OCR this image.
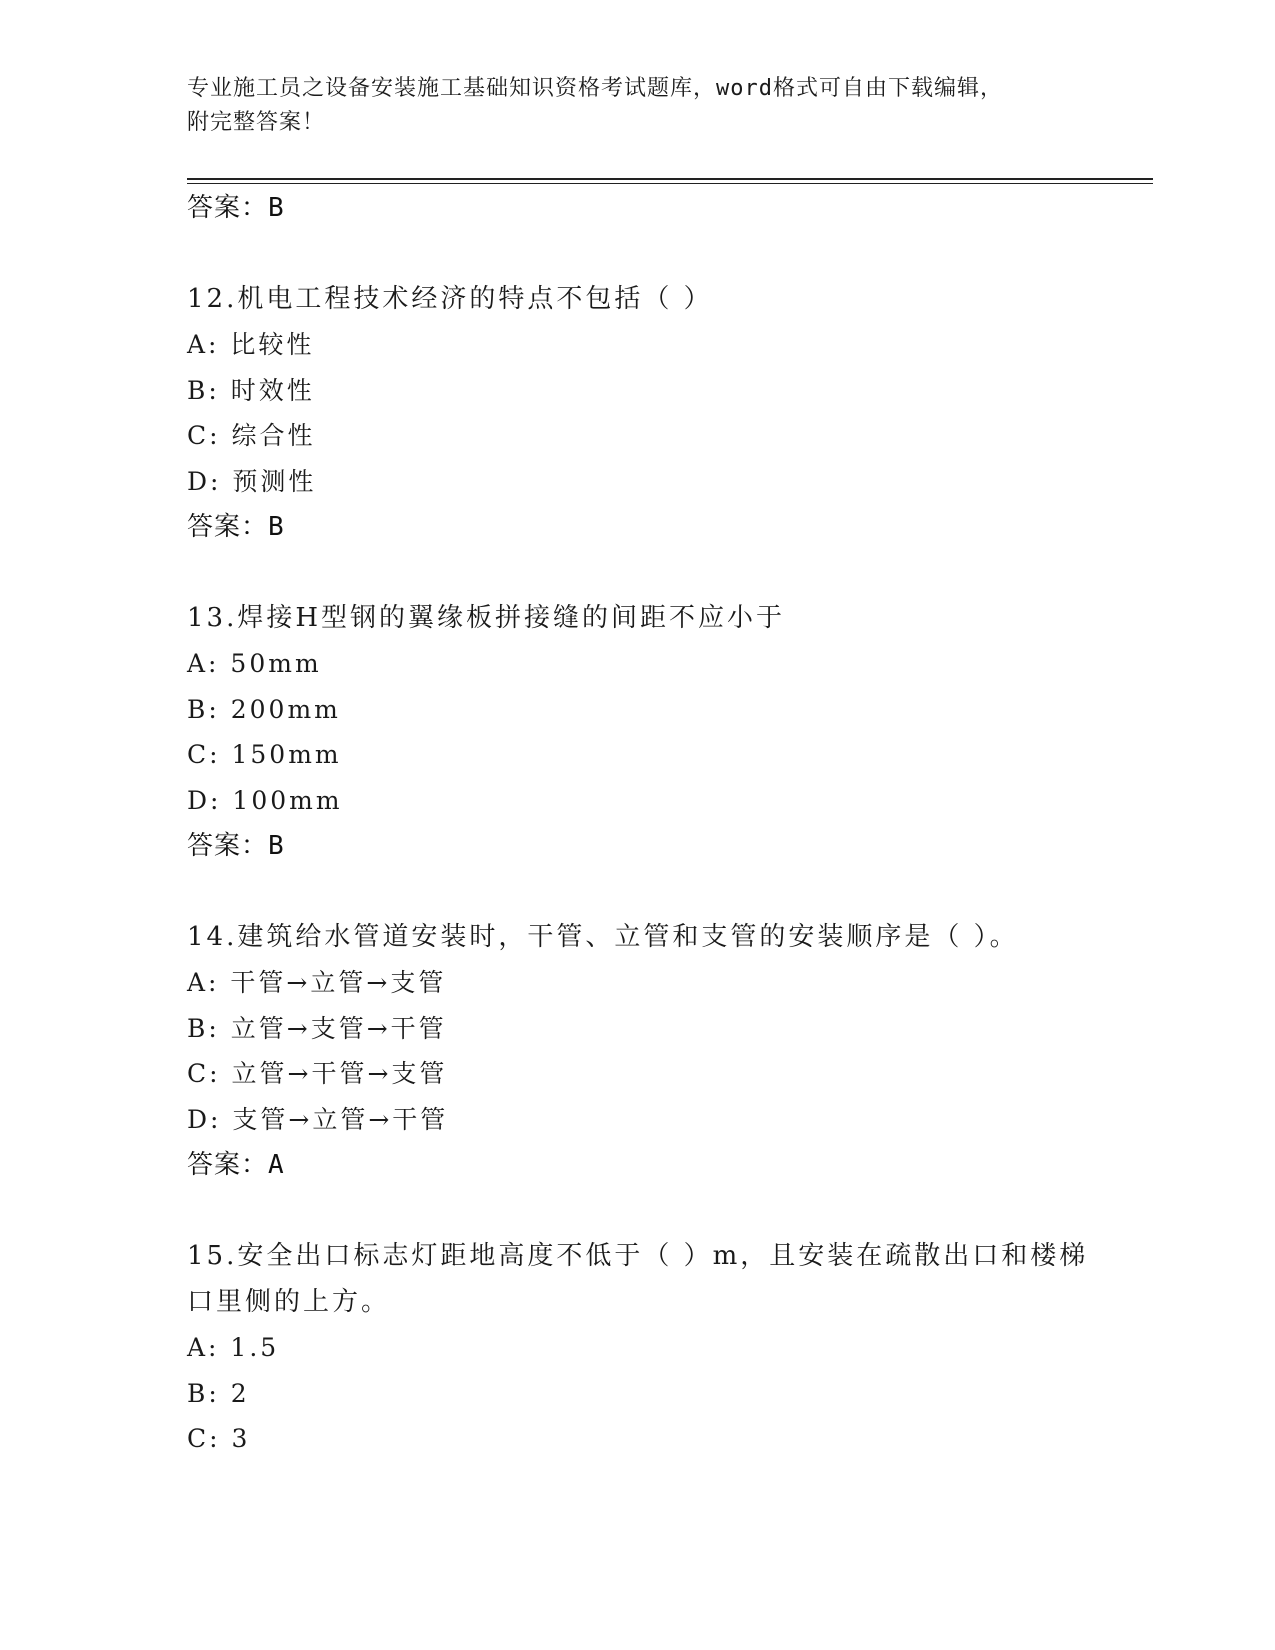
专业施工员之设备安装施工基础知识资格考试题库，word格式可自由下载编辑，
附完整答案！
答案：B
12.机电工程技术经济的特点不包括（ ）
A: 比较性
B: 时效性
C: 综合性
D: 预测性
答案：B
13.焊接H型钢的翼缘板拼接缝的间距不应小于
A: 50mm
B: 200mm
C: 150mm
D: 100mm
答案：B
14.建筑给水管道安装时，干管、立管和支管的安装顺序是（ ）。
A: 干管→立管→支管
B: 立管→支管→干管
C: 立管→干管→支管
D: 支管→立管→干管
答案：A
15.安全出口标志灯距地高度不低于（ ）m，且安装在疏散出口和楼梯
口里侧的上方。
A: 1.5
B: 2
C: 3
